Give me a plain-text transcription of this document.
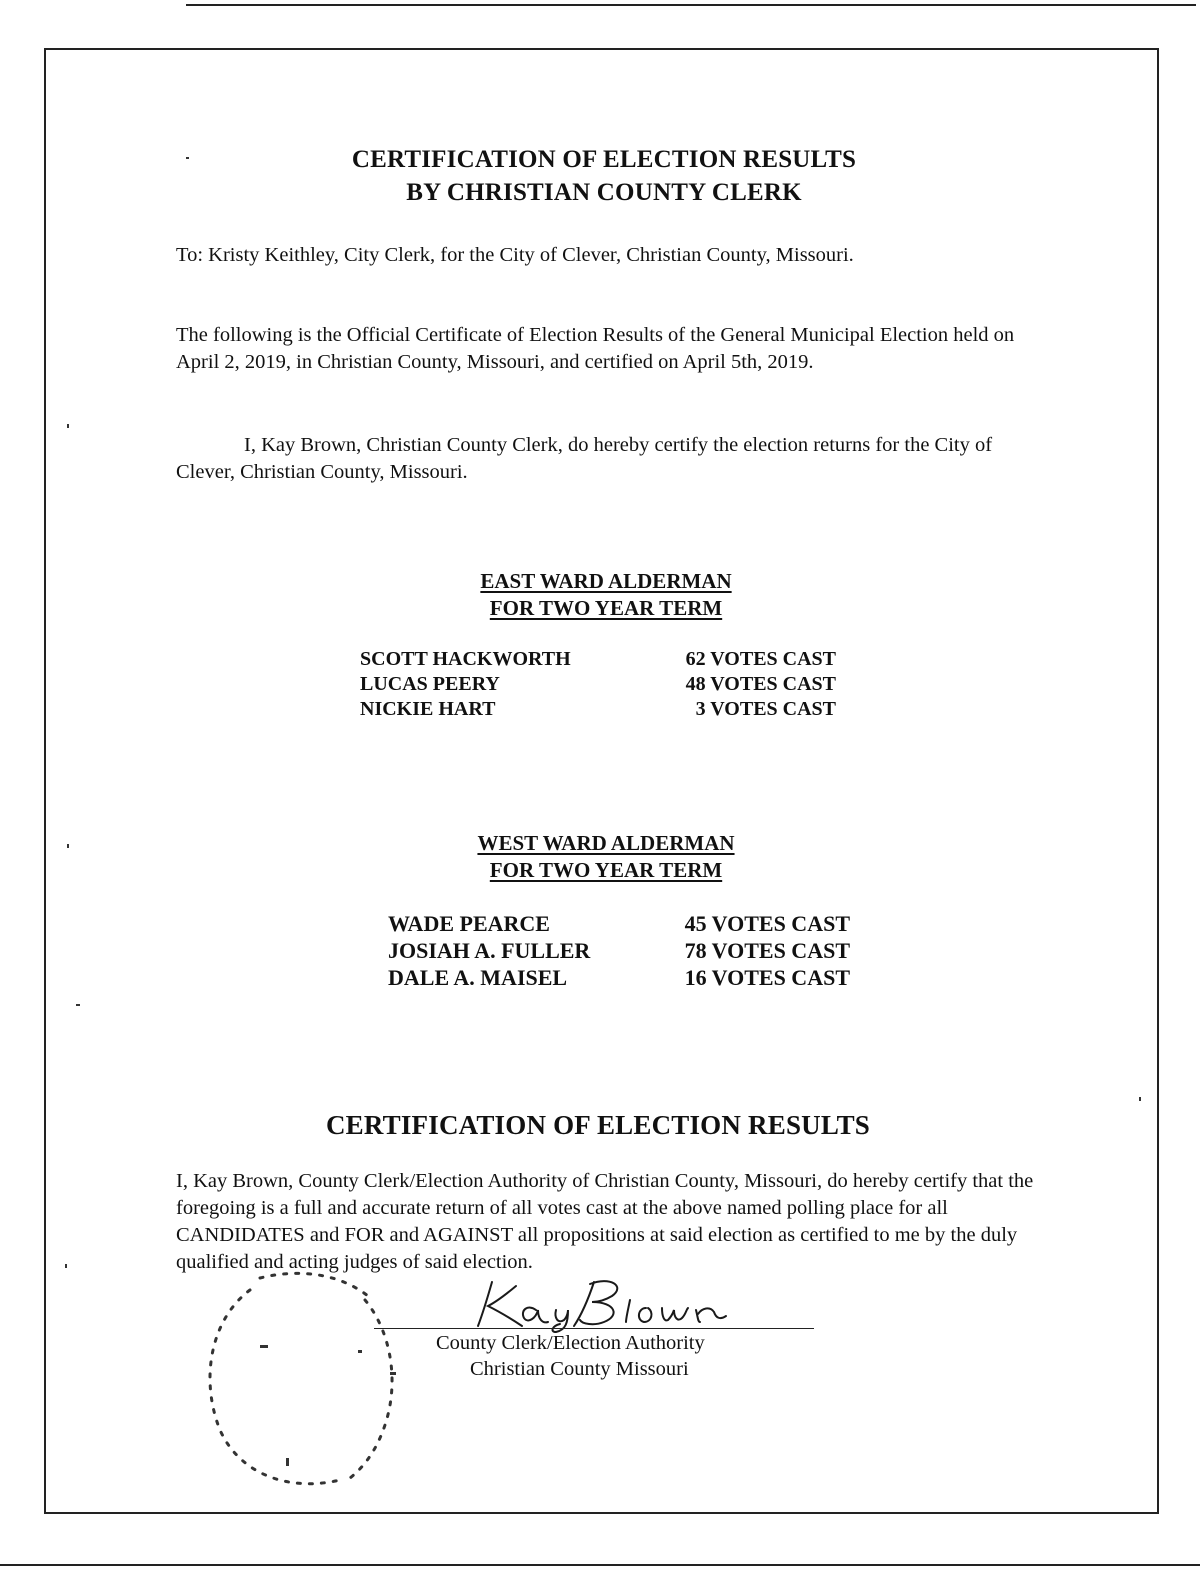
CERTIFICATION OF ELECTION RESULTS
BY CHRISTIAN COUNTY CLERK
To: Kristy Keithley, City Clerk, for the City of Clever, Christian County, Missouri.
The following is the Official Certificate of Election Results of the General Municipal Election held on April 2, 2019, in Christian County, Missouri, and certified on April 5th, 2019.
I, Kay Brown, Christian County Clerk, do hereby certify the election returns for the City of Clever, Christian County, Missouri.
EAST WARD ALDERMAN
FOR TWO YEAR TERM
SCOTT HACKWORTH	62 VOTES CAST
LUCAS PEERY	48 VOTES CAST
NICKIE HART	3 VOTES CAST
WEST WARD ALDERMAN
FOR TWO YEAR TERM
WADE PEARCE	45 VOTES CAST
JOSIAH A. FULLER	78 VOTES CAST
DALE A. MAISEL	16 VOTES CAST
CERTIFICATION OF ELECTION RESULTS
I, Kay Brown, County Clerk/Election Authority of Christian County, Missouri, do hereby certify that the foregoing is a full and accurate return of all votes cast at the above named polling place for all CANDIDATES and FOR and AGAINST all propositions at said election as certified to me by the duly qualified and acting judges of said election.
County Clerk/Election Authority
Christian County Missouri
